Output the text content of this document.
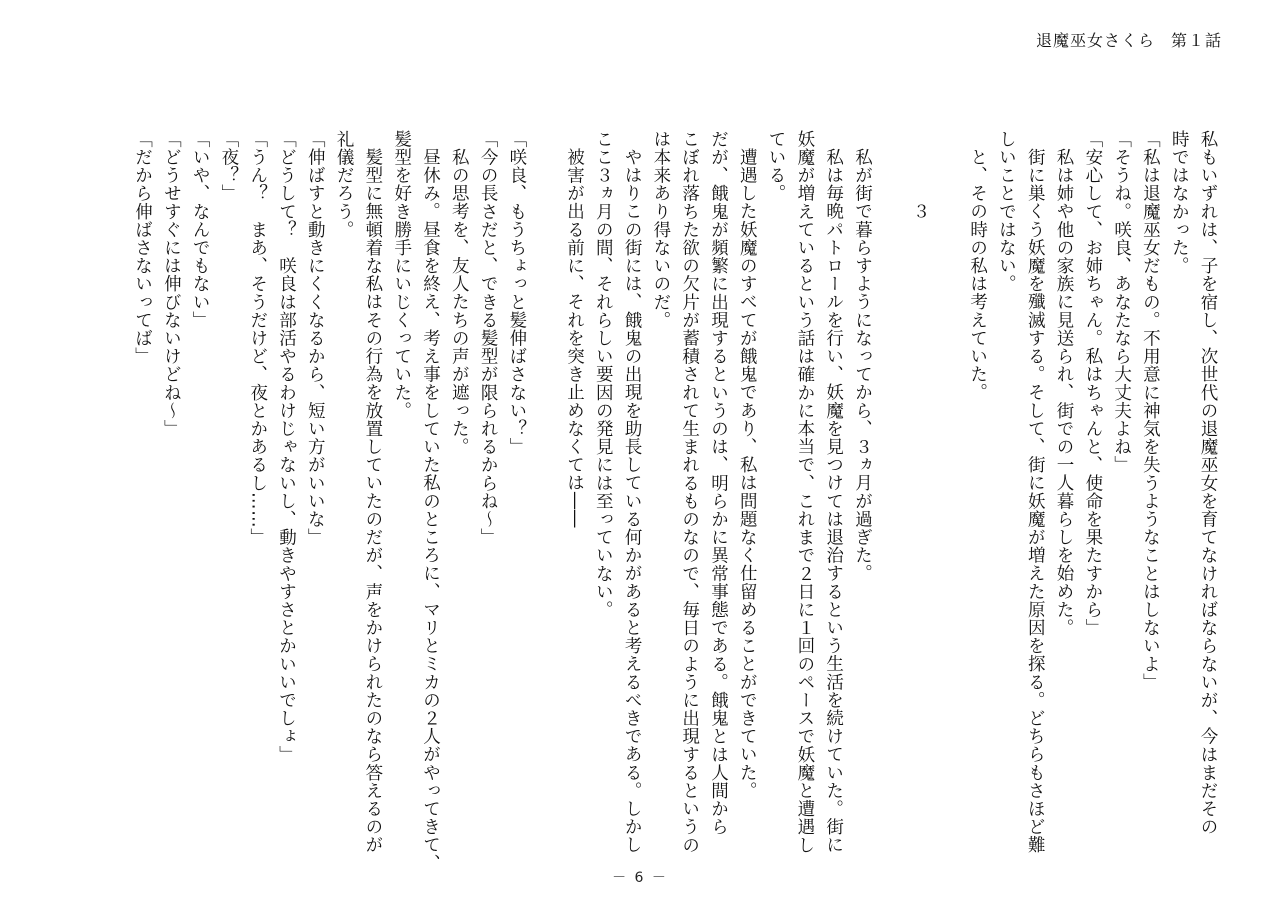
退魔巫女さくら 第１話
私もいずれは、子を宿し、次世代の退魔巫女を育てなければならないが、今はまだその
時ではなかった。
「私は退魔巫女だもの。不用意に神気を失うようなことはしないよ」
「そうね。咲良、あなたなら大丈夫よね」
「安心して、お姉ちゃん。私はちゃんと、使命を果たすから」
私は姉や他の家族に見送られ、街での一人暮らしを始めた。
街に巣くう妖魔を殲滅する。そして、街に妖魔が増えた原因を探る。どちらもさほど難
しいことではない。
と、その時の私は考えていた。
３
私が街で暮らすようになってから、３ヵ月が過ぎた。
私は毎晩パトロールを行い、妖魔を見つけては退治するという生活を続けていた。街に
妖魔が増えているという話は確かに本当で、これまで２日に１回のペースで妖魔と遭遇し
ている。
遭遇した妖魔のすべてが餓鬼であり、私は問題なく仕留めることができていた。
だが、餓鬼が頻繁に出現するというのは、明らかに異常事態である。餓鬼とは人間から
こぼれ落ちた欲の欠片が蓄積されて生まれるものなので、毎日のように出現するというの
は本来あり得ないのだ。
やはりこの街には、餓鬼の出現を助長している何かがあると考えるべきである。しかし
ここ３ヵ月の間、それらしい要因の発見には至っていない。
被害が出る前に、それを突き止めなくては――
「咲良、もうちょっと髪伸ばさない？」
「今の長さだと、できる髪型が限られるからね～」
私の思考を、友人たちの声が遮った。
昼休み。昼食を終え、考え事をしていた私のところに、マリとミカの２人がやってきて、
髪型を好き勝手にいじくっていた。
髪型に無頓着な私はその行為を放置していたのだが、声をかけられたのなら答えるのが
礼儀だろう。
「伸ばすと動きにくくなるから、短い方がいいな」
「どうして？　咲良は部活やるわけじゃないし、動きやすさとかいいでしょ」
「うん？　まあ、そうだけど、夜とかあるし……」
「夜？」
「いや、なんでもない」
「どうせすぐには伸びないけどね～」
「だから伸ばさないってば」
－ 6 －
